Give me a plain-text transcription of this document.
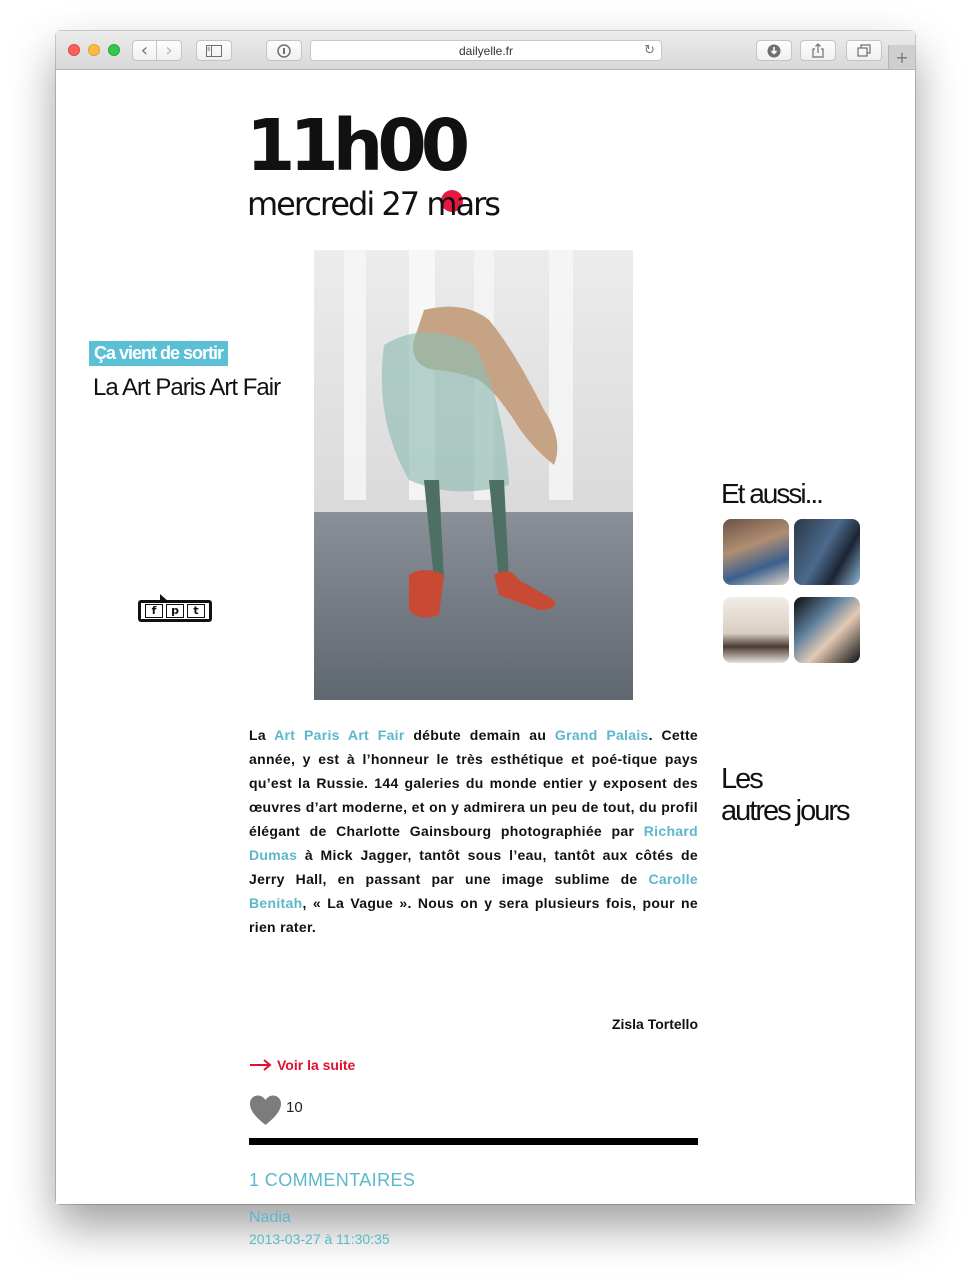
‹ ›	dailyelle.fr	↻	+
11h00
mercredi 27 mars
Ça vient de sortir
La Art Paris Art Fair
f	p	t
Et aussi...
Les
autres jours
La Art Paris Art Fair débute demain au Grand Palais. Cette année, y est à l’honneur le très esthétique et poé-tique pays qu’est la Russie. 144 galeries du monde entier y exposent des œuvres d’art moderne, et on y admirera un peu de tout, du profil élégant de Charlotte Gainsbourg photographiée par Richard Dumas à Mick Jagger, tantôt sous l’eau, tantôt aux côtés de Jerry Hall, en passant par une image sublime de Carolle Benitah, « La Vague ». Nous on y sera plusieurs fois, pour ne rien rater.
Zisla Tortello
Voir la suite
10
1 COMMENTAIRES
Nadia
2013-03-27 à 11:30:35
